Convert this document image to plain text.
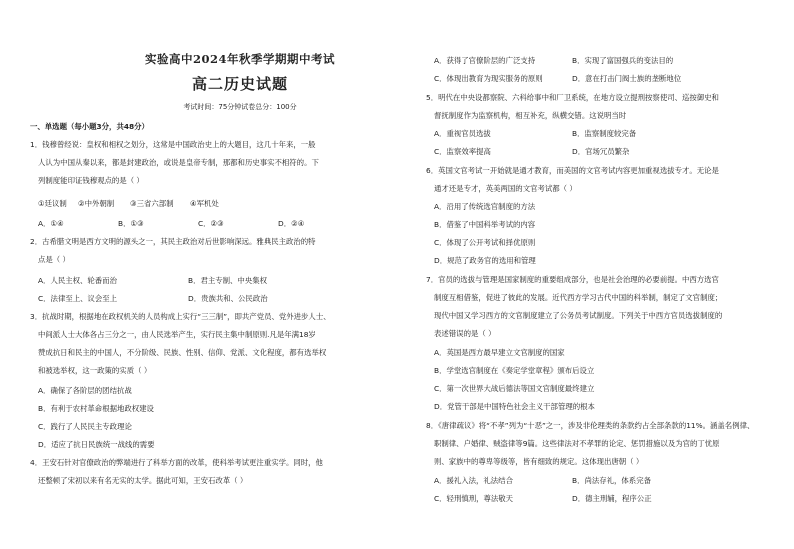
实验高中2024年秋季学期期中考试
高二历史试题
考试时间：75分钟试卷总分：100分
一、单选题（每小题3分，共48分）
1．钱穆曾经说：皇权和相权之划分，这常是中国政治史上的大题目，这几十年来，一般
人认为中国从秦以来，都是封建政治，或说是皇帝专制，那都和历史事实不相符的。下
列制度能印证钱穆观点的是（ ）
①廷议制 ②中外朝制 ③三省六部制 ④军机处
A．①④	B．①③	C．②③	D．②④
2．古希腊文明是西方文明的源头之一，其民主政治对后世影响深远。雅典民主政治的特
点是（ ）
A．人民主权、轮番而治	B．君主专制、中央集权
C．法律至上、议会至上	D．贵族共和、公民政治
3．抗战时期，根据地在政权机关的人员构成上实行“三三制”，即共产党员、党外进步人士、
中间派人士大体各占三分之一，由人民选举产生，实行民主集中制原则.凡是年满18岁
赞成抗日和民主的中国人，不分阶级、民族、性别、信仰、党派、文化程度，都有选举权
和被选举权，这一政策的实质（ ）
A．确保了各阶层的团结抗战
B．有利于农村革命根据地政权建设
C．践行了人民民主专政理论
D．适应了抗日民族统一战线的需要
4．王安石针对官僚政治的弊端进行了科举方面的改革，使科举考试更注重实学。同时，他
还整顿了宋初以来有名无实的太学。据此可知，王安石改革（ ）
A．获得了官僚阶层的广泛支持	B．实现了富国强兵的变法目的
C．体现出教育为现实服务的原则	D．意在打击门阀士族的垄断地位
5．明代在中央设都察院、六科给事中和厂卫系统，在地方设立提刑按察使司、巡按御史和
督抚制度作为监察机构，相互补充，纵横交错。这说明当时
A．重视官员选拔	B．监察制度较完备
C．监察效率提高	D．官场冗员繁杂
6．英国文官考试一开始就是通才教育，而美国的文官考试内容更加重视选拔专才。无论是
通才还是专才，英美两国的文官考试都（ ）
A．沿用了传统选官制度的方法
B．借鉴了中国科举考试的内容
C．体现了公开考试和择优原则
D．规范了政务官的选用和管理
7．官员的选拔与管理是国家制度的重要组成部分，也是社会治理的必要前提。中西方选官
制度互相借鉴，促进了彼此的发展。近代西方学习古代中国的科举制，制定了文官制度；
现代中国又学习西方的文官制度建立了公务员考试制度。下列关于中西方官员选拔制度的
表述错误的是（ ）
A．英国是西方最早建立文官制度的国家
B．学堂选官制度在《奏定学堂章程》颁布后设立
C．第一次世界大战后德法等国文官制度最终建立
D．党管干部是中国特色社会主义干部管理的根本
8．《唐律疏议》将“不孝”列为“十恶”之一，涉及非伦理类的条款约占全部条款的11%。涵盖名例律、
职制律、户婚律、贼盗律等9篇。这些律法对不孝罪的论定、惩罚措施以及为官的丁忧原
则、家族中的尊卑等级等，皆有细致的规定。这体现出唐朝（ ）
A．援礼入法，礼法结合	B．尚法存礼，体系完备
C．轻刑慎刑，尊法敬天	D．德主刑辅，程序公正
